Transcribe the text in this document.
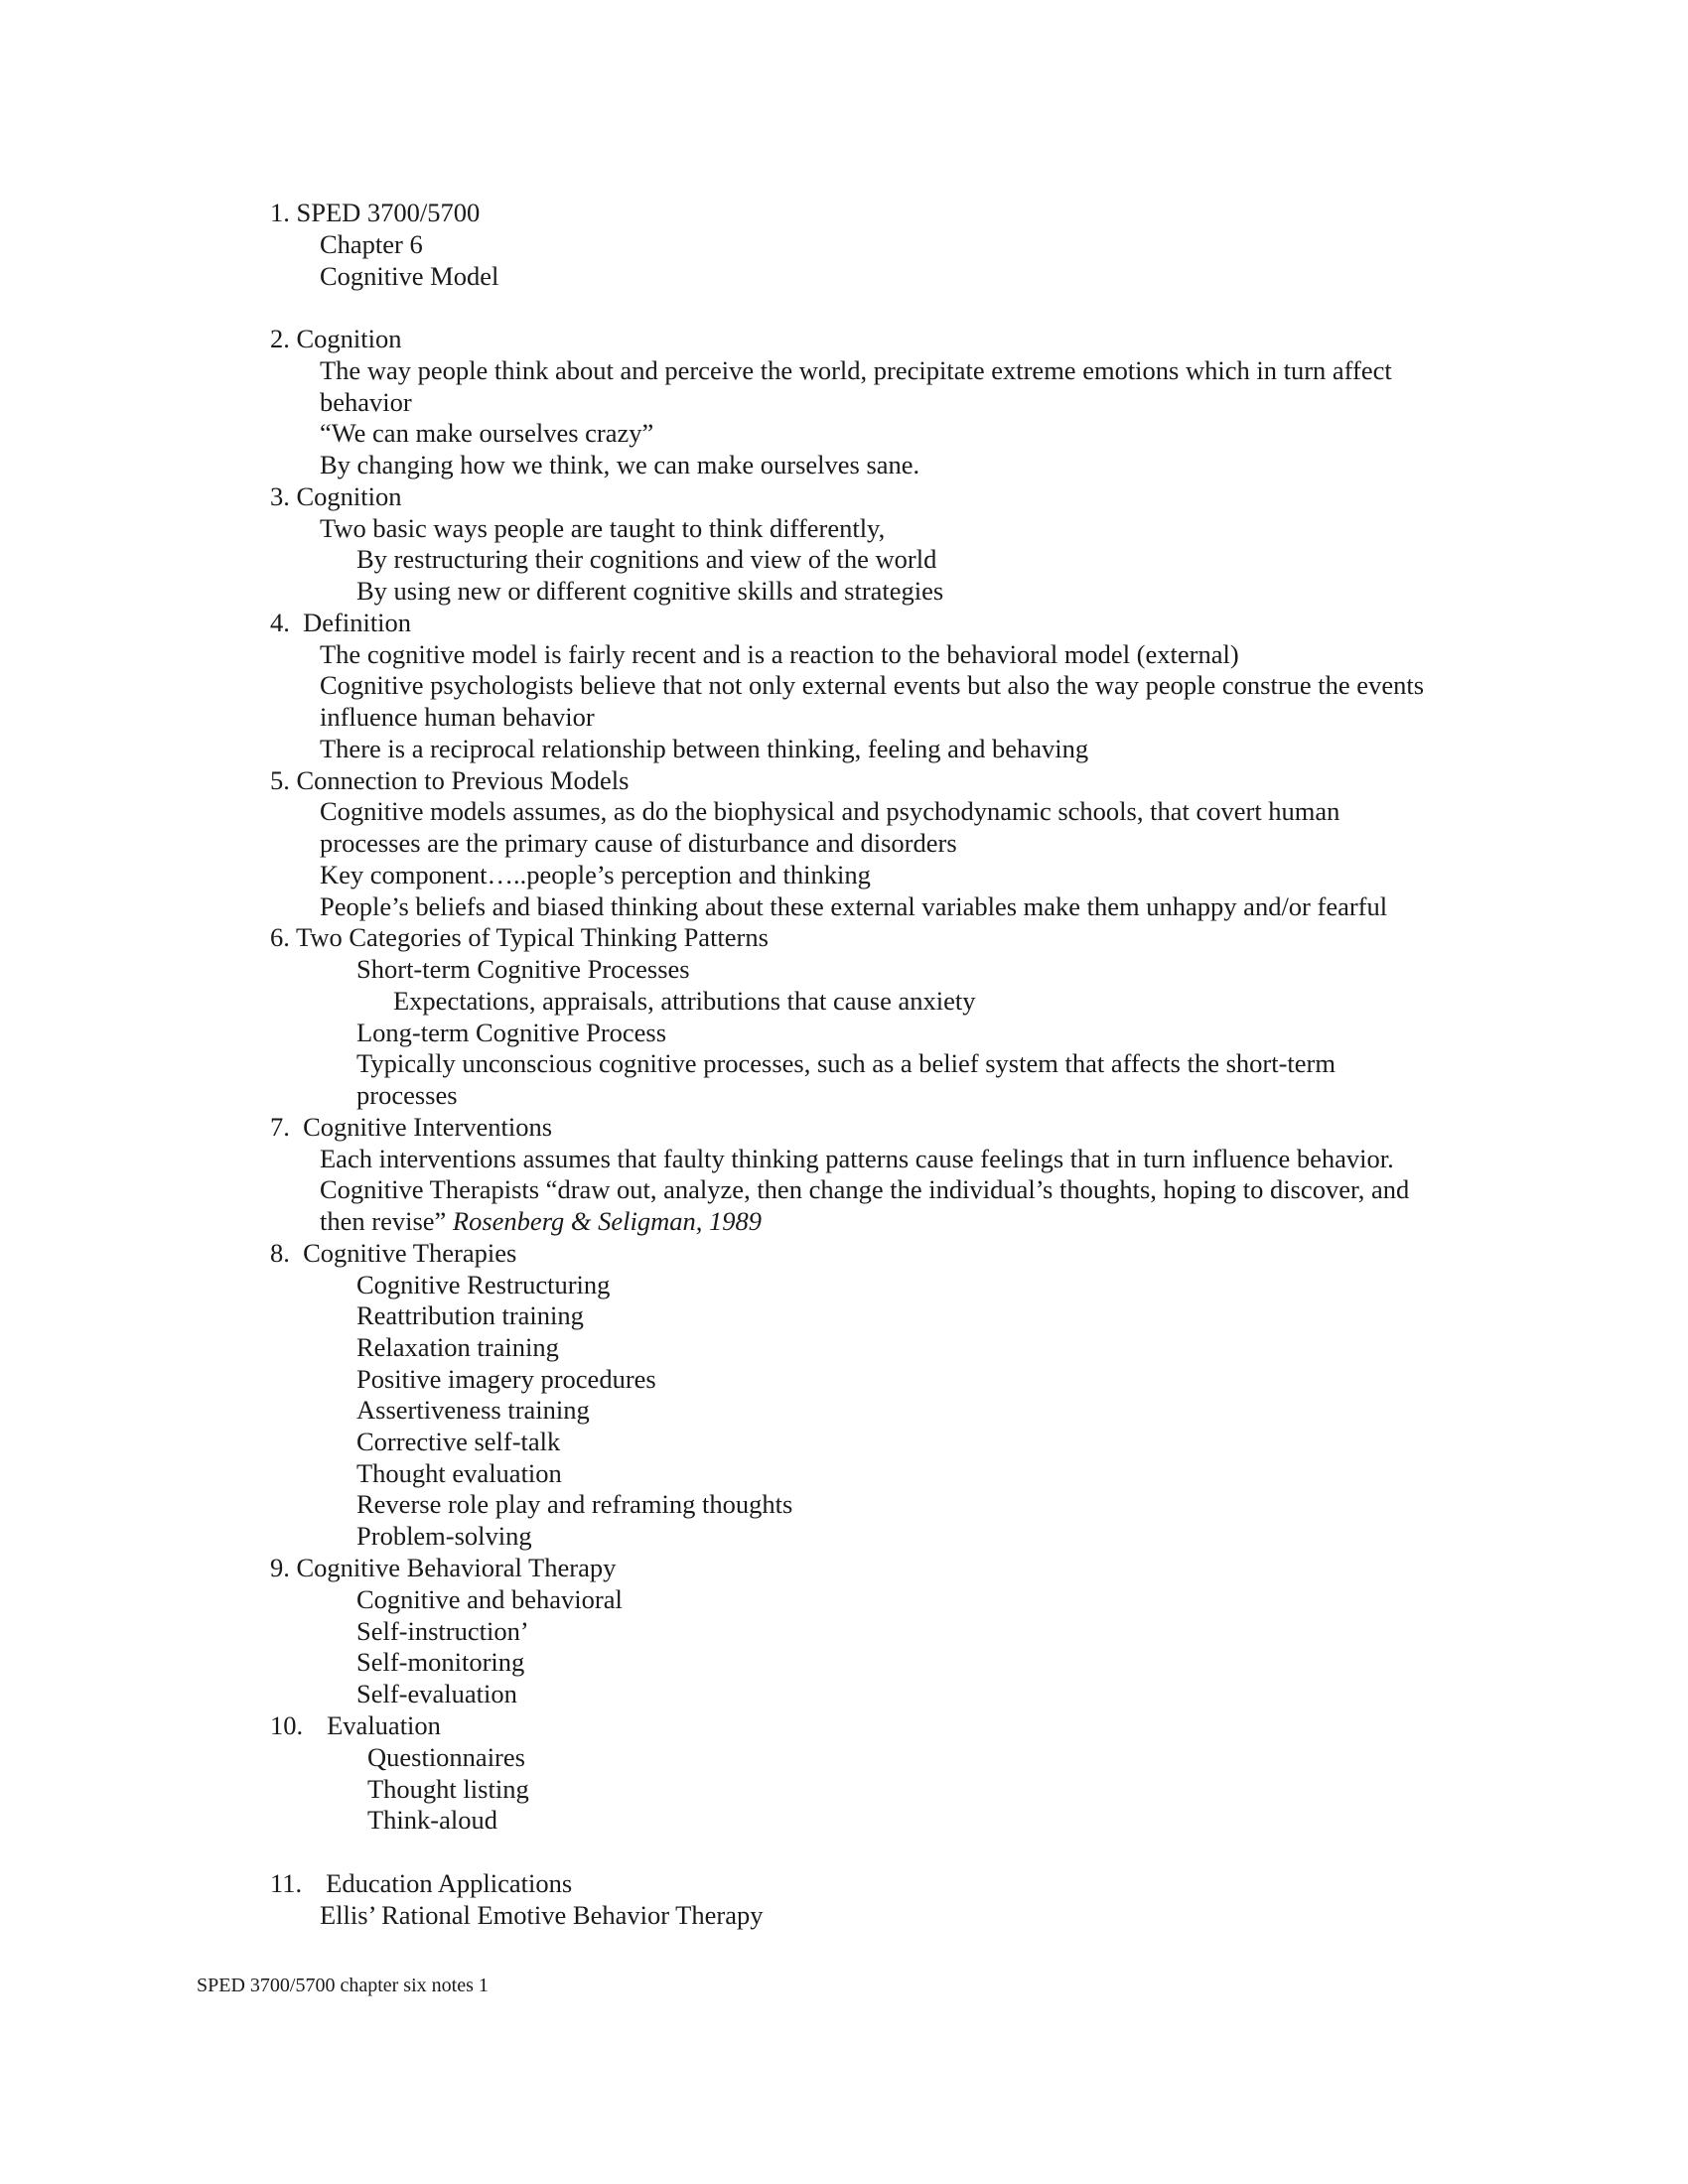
1. SPED 3700/5700
Chapter 6
Cognitive Model
2. Cognition
The way people think about and perceive the world, precipitate extreme emotions which in turn affect
behavior
“We can make ourselves crazy”
By changing how we think, we can make ourselves sane.
3. Cognition
Two basic ways people are taught to think differently,
By restructuring their cognitions and view of the world
By using new or different cognitive skills and strategies
4. Definition
The cognitive model is fairly recent and is a reaction to the behavioral model (external)
Cognitive psychologists believe that not only external events but also the way people construe the events
influence human behavior
There is a reciprocal relationship between thinking, feeling and behaving
5. Connection to Previous Models
Cognitive models assumes, as do the biophysical and psychodynamic schools, that covert human
processes are the primary cause of disturbance and disorders
Key component…..people’s perception and thinking
People’s beliefs and biased thinking about these external variables make them unhappy and/or fearful
6. Two Categories of Typical Thinking Patterns
Short-term Cognitive Processes
Expectations, appraisals, attributions that cause anxiety
Long-term Cognitive Process
Typically unconscious cognitive processes, such as a belief system that affects the short-term
processes
7. Cognitive Interventions
Each interventions assumes that faulty thinking patterns cause feelings that in turn influence behavior.
Cognitive Therapists “draw out, analyze, then change the individual’s thoughts, hoping to discover, and
then revise” Rosenberg & Seligman, 1989
8. Cognitive Therapies
Cognitive Restructuring
Reattribution training
Relaxation training
Positive imagery procedures
Assertiveness training
Corrective self-talk
Thought evaluation
Reverse role play and reframing thoughts
Problem-solving
9. Cognitive Behavioral Therapy
Cognitive and behavioral
Self-instruction’
Self-monitoring
Self-evaluation
10. Evaluation
Questionnaires
Thought listing
Think-aloud
11. Education Applications
Ellis’ Rational Emotive Behavior Therapy
SPED 3700/5700 chapter six notes 1
